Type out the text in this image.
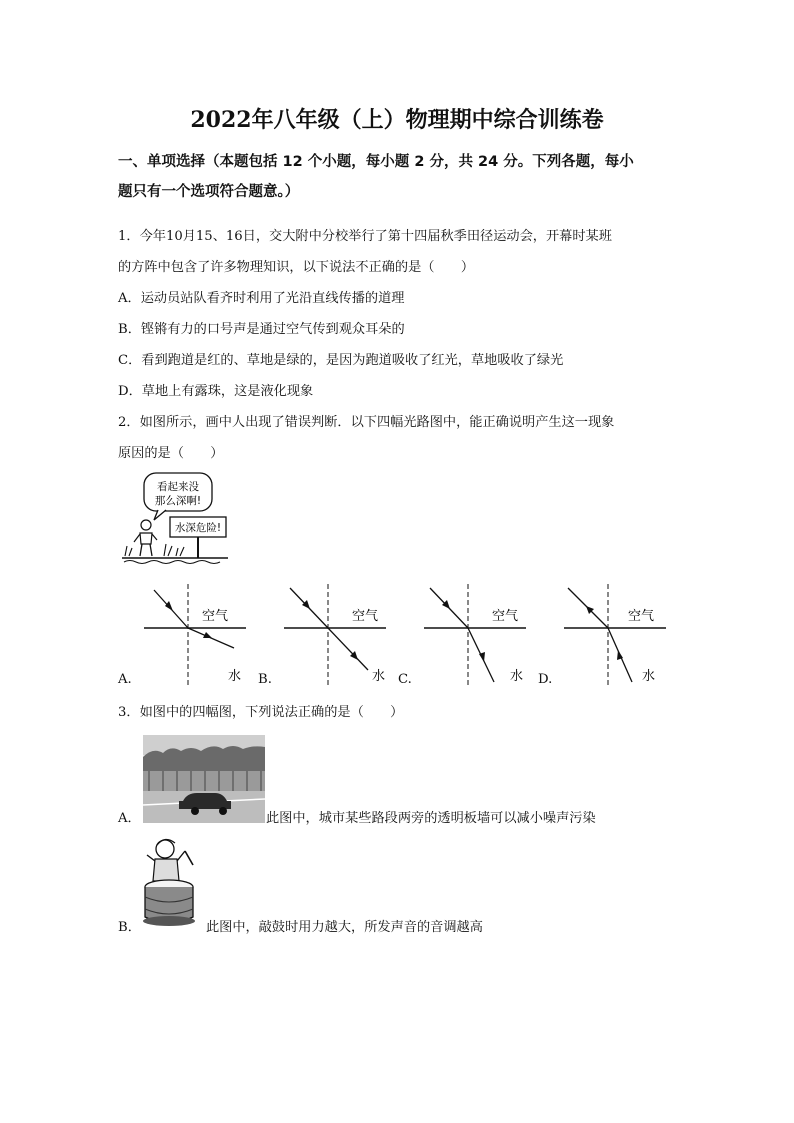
2022年八年级（上）物理期中综合训练卷
一、单项选择（本题包括 12 个小题，每小题 2 分，共 24 分。下列各题，每小
题只有一个选项符合题意。）
1．今年10月15、16日，交大附中分校举行了第十四届秋季田径运动会，开幕时某班
的方阵中包含了许多物理知识，以下说法不正确的是（　　）
A．运动员站队看齐时利用了光沿直线传播的道理
B．铿锵有力的口号声是通过空气传到观众耳朵的
C．看到跑道是红的、草地是绿的，是因为跑道吸收了红光，草地吸收了绿光
D．草地上有露珠，这是液化现象
2．如图所示，画中人出现了错误判断．以下四幅光路图中，能正确说明产生这一现象
原因的是（　　）
看起来没
那么深啊!
水深危险!
空气
水
空气
水
空气
水
空气
水
A.	B.	C.	D.
3．如图中的四幅图，下列说法正确的是（　　）
A．	此图中，城市某些路段两旁的透明板墙可以减小噪声污染
B．	此图中，敲鼓时用力越大，所发声音的音调越高
